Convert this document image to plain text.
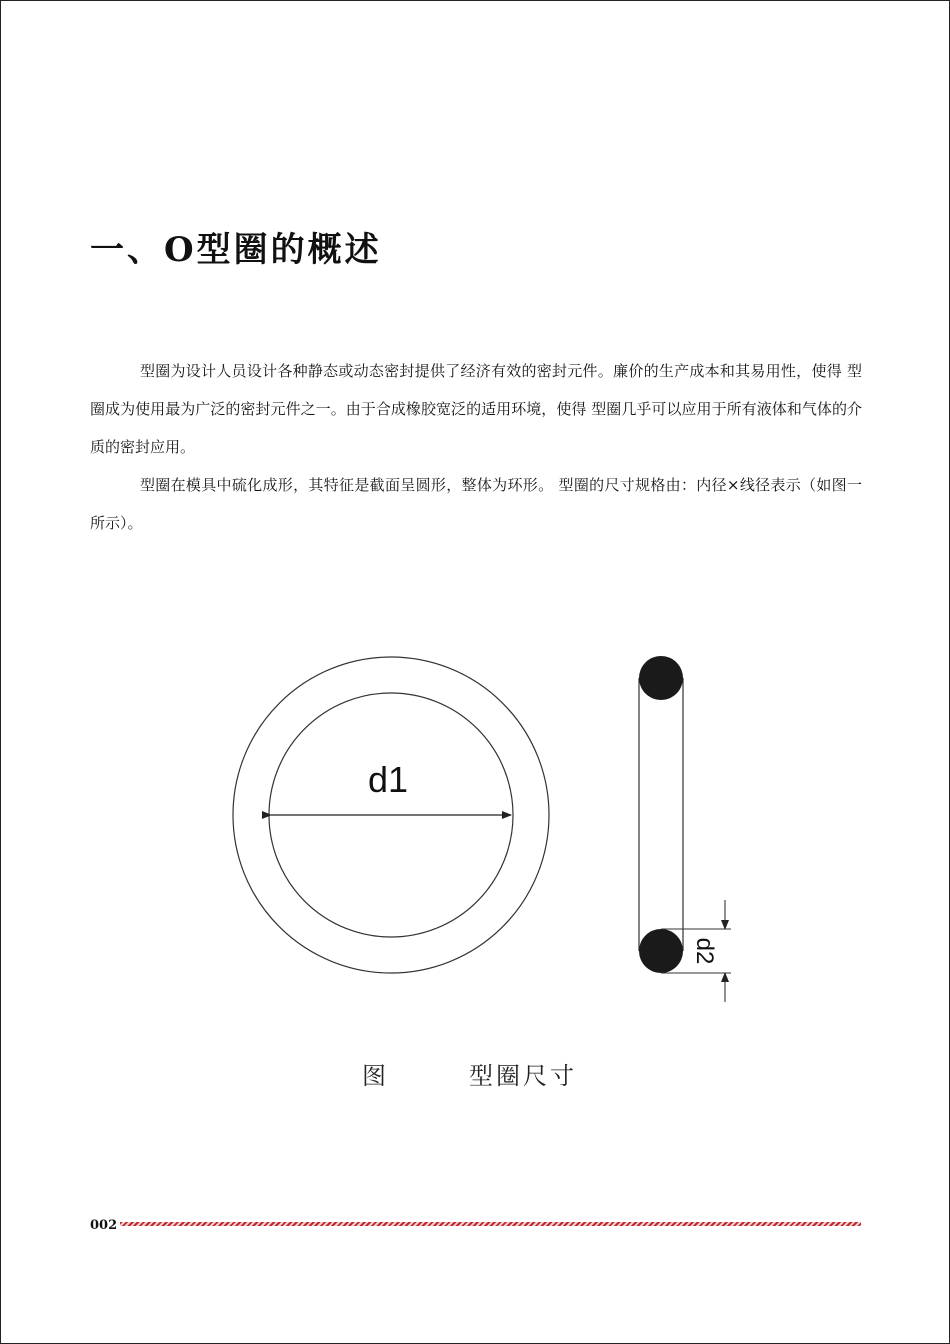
一、O型圈的概述

型圈为设计人员设计各种静态或动态密封提供了经济有效的密封元件。廉价的生产成本和其易用性，使得 型圈成为使用最为广泛的密封元件之一。由于合成橡胶宽泛的适用环境，使得 型圈几乎可以应用于所有液体和气体的介质的密封应用。

型圈在模具中硫化成形，其特征是截面呈圆形，整体为环形。 型圈的尺寸规格由：内径×线径表示（如图一所示）。

d1
d2
图	型圈尺寸
002
